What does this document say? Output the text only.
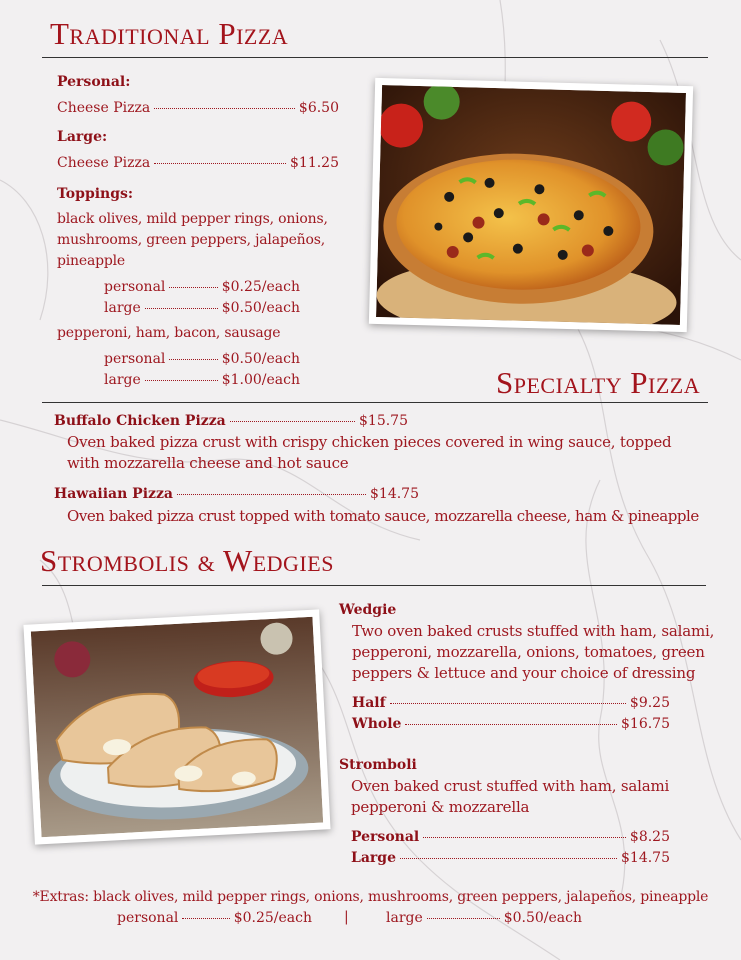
Traditional Pizza
Personal:
Cheese Pizza	$6.50
Large:
Cheese Pizza	$11.25
Toppings:
black olives, mild pepper rings, onions,
mushrooms, green peppers, jalapeños,
pineapple
personal	$0.25/each
large	$0.50/each
pepperoni, ham, bacon, sausage
personal	$0.50/each
large	$1.00/each	Specialty Pizza
Buffalo Chicken Pizza	$15.75
Oven baked pizza crust with crispy chicken pieces covered in wing sauce, topped
with mozzarella cheese and hot sauce
Hawaiian Pizza	$14.75
Oven baked pizza crust topped with tomato sauce, mozzarella cheese, ham & pineapple
Strombolis & Wedgies
Wedgie
Two oven baked crusts stuffed with ham, salami,
pepperoni, mozzarella, onions, tomatoes, green
peppers & lettuce and your choice of dressing
Half	$9.25
Whole	$16.75
Stromboli
Oven baked crust stuffed with ham, salami
pepperoni & mozzarella
Personal	$8.25
Large	$14.75
*Extras: black olives, mild pepper rings, onions, mushrooms, green peppers, jalapeños, pineapple
personal	$0.25/each |	large	$0.50/each
